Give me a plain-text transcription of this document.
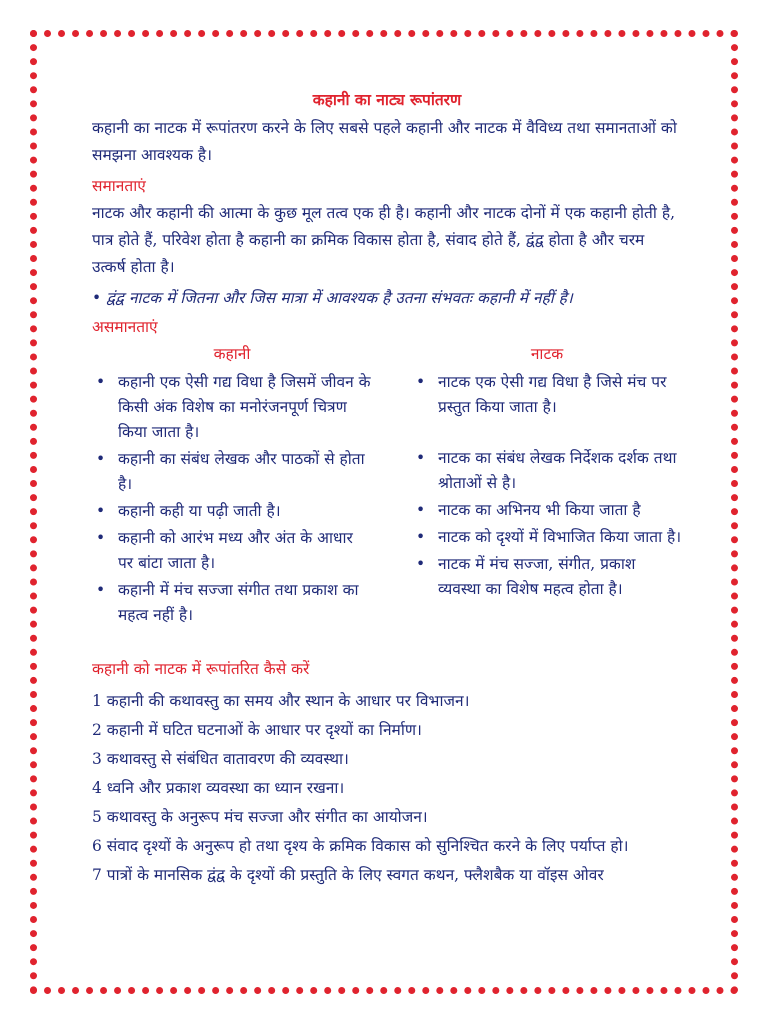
कहानी का नाट्य रूपांतरण

कहानी का नाटक में रूपांतरण करने के लिए सबसे पहले कहानी और नाटक में वैविध्य तथा समानताओं को समझना आवश्यक है।

समानताएं

नाटक और कहानी की आत्मा के कुछ मूल तत्व एक ही है। कहानी और नाटक दोनों में एक कहानी होती है, पात्र होते हैं, परिवेश होता है कहानी का क्रमिक विकास होता है, संवाद होते हैं, द्वंद्व होता है और चरम उत्कर्ष होता है।

• द्वंद्व नाटक में जितना और जिस मात्रा में आवश्यक है उतना संभवतः कहानी में नहीं है।

असमानताएं

कहानी

• कहानी एक ऐसी गद्य विधा है जिसमें जीवन के किसी अंक विशेष का मनोरंजनपूर्ण चित्रण किया जाता है।
• कहानी का संबंध लेखक और पाठकों से होता है।
• कहानी कही या पढ़ी जाती है।
• कहानी को आरंभ मध्य और अंत के आधार पर बांटा जाता है।
• कहानी में मंच सज्जा संगीत तथा प्रकाश का महत्व नहीं है।

नाटक

• नाटक एक ऐसी गद्य विधा है जिसे मंच पर प्रस्तुत किया जाता है।
• नाटक का संबंध लेखक निर्देशक दर्शक तथा श्रोताओं से है।
• नाटक का अभिनय भी किया जाता है
• नाटक को दृश्यों में विभाजित किया जाता है।
• नाटक में मंच सज्जा, संगीत, प्रकाश व्यवस्था का विशेष महत्व होता है।

कहानी को नाटक में रूपांतरित कैसे करें

1 कहानी की कथावस्तु का समय और स्थान के आधार पर विभाजन।

2 कहानी में घटित घटनाओं के आधार पर दृश्यों का निर्माण।

3 कथावस्तु से संबंधित वातावरण की व्यवस्था।

4 ध्वनि और प्रकाश व्यवस्था का ध्यान रखना।

5 कथावस्तु के अनुरूप मंच सज्जा और संगीत का आयोजन।

6 संवाद दृश्यों के अनुरूप हो तथा दृश्य के क्रमिक विकास को सुनिश्चित करने के लिए पर्याप्त हो।

7 पात्रों के मानसिक द्वंद्व के दृश्यों की प्रस्तुति के लिए स्वगत कथन, फ्लैशबैक या वॉइस ओवर
